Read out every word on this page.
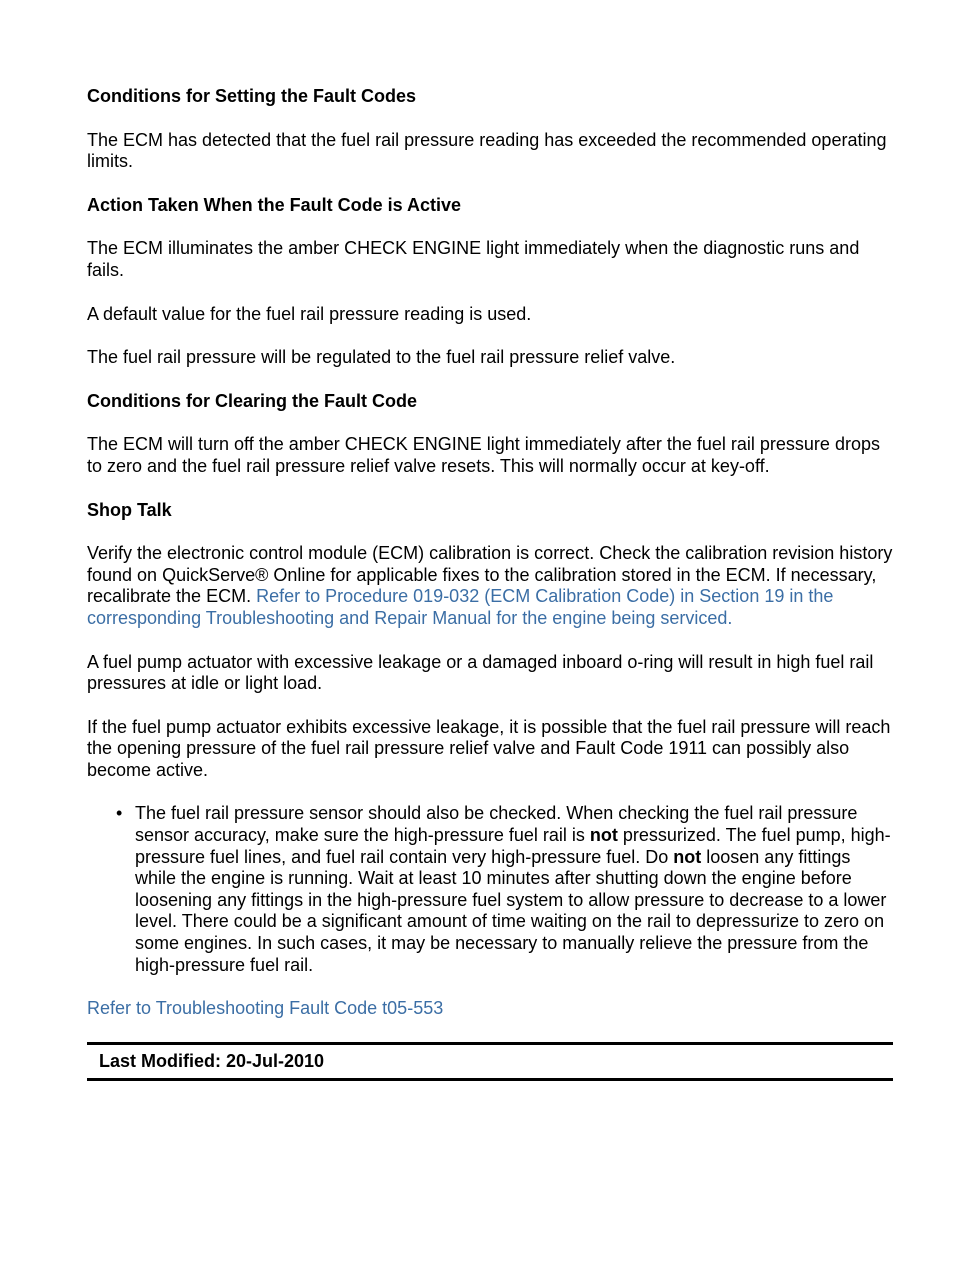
Conditions for Setting the Fault Codes
The ECM has detected that the fuel rail pressure reading has exceeded the recommended operating limits.
Action Taken When the Fault Code is Active
The ECM illuminates the amber CHECK ENGINE light immediately when the diagnostic runs and fails.
A default value for the fuel rail pressure reading is used.
The fuel rail pressure will be regulated to the fuel rail pressure relief valve.
Conditions for Clearing the Fault Code
The ECM will turn off the amber CHECK ENGINE light immediately after the fuel rail pressure drops to zero and the fuel rail pressure relief valve resets. This will normally occur at key-off.
Shop Talk
Verify the electronic control module (ECM) calibration is correct. Check the calibration revision history found on QuickServe® Online for applicable fixes to the calibration stored in the ECM. If necessary, recalibrate the ECM. Refer to Procedure 019-032 (ECM Calibration Code) in Section 19 in the corresponding Troubleshooting and Repair Manual for the engine being serviced.
A fuel pump actuator with excessive leakage or a damaged inboard o-ring will result in high fuel rail pressures at idle or light load.
If the fuel pump actuator exhibits excessive leakage, it is possible that the fuel rail pressure will reach the opening pressure of the fuel rail pressure relief valve and Fault Code 1911 can possibly also become active.
• The fuel rail pressure sensor should also be checked. When checking the fuel rail pressure sensor accuracy, make sure the high-pressure fuel rail is not pressurized. The fuel pump, high-pressure fuel lines, and fuel rail contain very high-pressure fuel. Do not loosen any fittings while the engine is running. Wait at least 10 minutes after shutting down the engine before loosening any fittings in the high-pressure fuel system to allow pressure to decrease to a lower level. There could be a significant amount of time waiting on the rail to depressurize to zero on some engines. In such cases, it may be necessary to manually relieve the pressure from the high-pressure fuel rail.
Refer to Troubleshooting Fault Code t05-553
Last Modified: 20-Jul-2010
